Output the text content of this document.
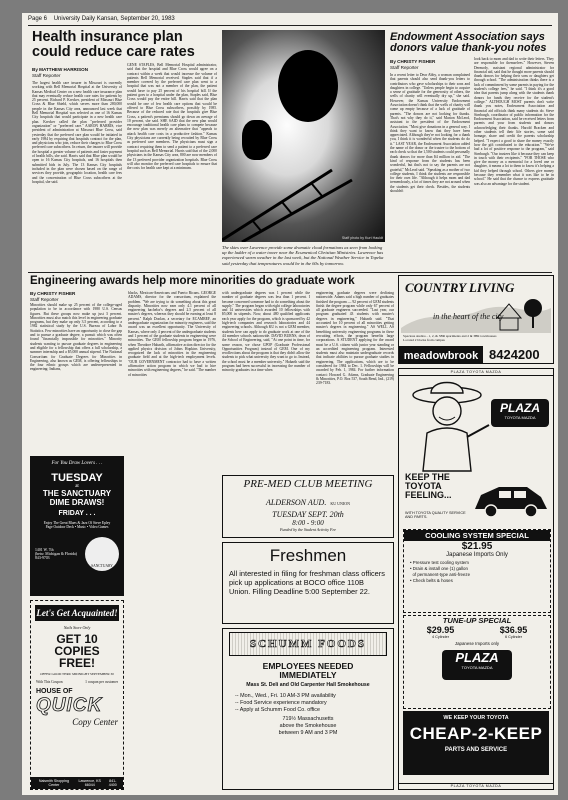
Page 6 University Daily Kansan, September 20, 1983
Health insurance plan could reduce care rates
By MATTHEW HARRISON
Staff Reporter
The largest health care insurer in Missouri is currently working with Bell Memorial Hospital at the University of Kansas Medical Center on a new health care insurance plan that may eventually reduce health care rates for patients by 25 percent. Richard P. Krecker, president of Missouri Blue Cross & Blue Shield, which serves more than 280,000 people in the Kansas City area, announced last week that Bell Memorial Hospital was selected as one of 16 Kansas City hospitals that would participate in a new health care plan. Krecker called the plan "preferred provider organization" or "preferred care." AARON HARRIS, vice president of administration at Missouri Blue Cross, said yesterday that the preferred care plan would be initiated in early 1984 by requiring that hospitals contract for the plan, and physicians who join, reduce their charges to Blue Cross preferred care subscribers. In return, the insurer will provide the hospital a greater volume of patients and faster payment of health bills, she said. Harris said that Blue plan would be open to 16 Kansas City hospitals, and 16 hospitals then submitted bids in July. The 13 Kansas City hospitals included in the plan were chosen based on the range of services they provide, geographic location, health care fees and the concentration of Blue Cross subscribers at the hospital, she said.
GENE STAPLES, Bell Memorial Hospital administrator, said that the hospital and Blue Cross would agree on a contract within a week that would increase the volume of patients Bell Memorial received. Staples said that if a member covered by the preferred care plan went to a hospital that was not a member of the plan, the patient would have to pay 25 percent of his hospital bill. If the patient goes to a hospital under the plan, Staples said, Blue Cross would pay the entire bill. Harris said that the plan would be one of few health care options that would be offered to Blue Cross subscribers, possibly by 1985. Because of the reduced rate that the hospitals give Blue Cross, a patient's premiums should go down an average of 10 percent, she said. SHE SAID that the new plan would encourage traditional health care plans to compete because the new plan was merely an alternative that "appeals to attack health care costs in a productive fashion." Kansas City physicians are currently being recruited by Blue Cross as preferred care members. The physicians must sign a contract requiring them to send a patient to a preferred care hospital such as Bell Memorial. Harris said that of the 2,000 physicians in the Kansas City area, 800 are now members of the 13 preferred provider organization hospitals. Blue Cross will also monitor the preferred care hospitals to ensure that the costs for health care kept at a minimum.
Staff photo by Kurt Hauldt
The skies over Lawrence provide some dramatic cloud formations as seen from looking up the ladder of a water tower near the Ecumenical Christian Ministries. Lawrence has experienced warm weather in the last week, but the National Weather Service in Topeka said yesterday that temperatures would be in the 60s by tomorrow.
Endowment Association says donors value thank-you notes
By CHRISTY FISHER
Staff Reporter
In a recent letter to Dear Abby, a woman complained that parents should also send thank-you letters to contributors who gave scholarships to their sons and daughters in college. "Unless people begin to acquire a sense of gratitude for the generosity of others, the wells of charity will eventually dry up," she said. However, the Kansas University Endowment Association doesn't think that the wells of charity will come up empty because of a lack of gratitude of parents. "The donors are not looking for thanks. That's not why they do it," said Marion McLeod, assistant to the president of the Endowment Association. "Most give donations in a general way. I think they want to know that they have been appreciated. Although they're not looking for a thank you, I think it is wonderful when the students do do it." LAST YEAR, the Endowment Association added the name of the donor or the trustee to the bottom of each check so that the 1,500 students could personally thank donors for more than $4 million in aid. "The kind of response from the students has been wonderful, but that's not to say the parents are not grateful," McLeod said. "Speaking as a mother of two college students, I think the students are responsible for their own life. "Although it helps mom and dad tremendously, a lot of times they are not around when the students get their check. Besides, the students shouldn't
look back to mom and dad to write their letters. They are responsible for themselves." However, Steven Dermody, assistant regional administrator for financial aid, said that he thought more parents should thank donors for helping their sons or daughters get through school. "The administration thinks there is a lack of commitment by some parents in paying for the student's college fees," he said. "I think it's a good idea that parents jump along with the students thank donors for funds they receive for the student's college." ALTHOUGH MOST parents don't write thank you notes, Endowment Association and financial aid officials think many students do. Steve Sirnburgh, coordinator of public information for the Endowment Association, said he received letters from parents and your from students and donors acknowledging their thanks. Harold Bracken and other students tell their life stories, some said homage, share and credit the parents scholarship helped. "I expect a good to share the money exactly how the gift contributed to the education." "We've had a lot of positive response to the program," said Sirnburgh. "Our trustees like it because they can keep in touch with their recipients." "FOR THOSE who give the money as a memorial for a loved one or daughter, it means a lot to them to know it's helping a kid they helped through school. Others give money because they remember what it was like to be in school." He said that the chance to express gratitude was also an advantage for the student.
Engineering awards help more minorities do graduate work
By CHRISTY FISHER
Staff Reporter
Minorities should make up 25 percent of the college-aged population to be in accordance with 1980 U.S. Census figures. But these groups now make up just 3 percent. Minorities must also match this level in engineering graduate programs, but they make up only 3.5 percent, according to a 1982 statistical study by the U.S. Bureau of Labor & Statistics. Few minorities have an opportunity to close the gap and to pursue a graduate degree, a pursuit which was often found "financially impossible for minorities." Minority students wanting to pursue graduate degrees in engineering and eligible for a fellowship that offers a full scholarship, a summer internship and a $5,000 annual stipend. The National Consortium for Graduate Degrees for Minorities in Engineering, also known as GEM, is offering fellowships to the four ethnic groups which are underrepresented in engineering: Indians,
blacks, Mexican-Americans and Puerto Ricans. GEORGE ADAMS, director for the consortium, explained the problem. "We are trying to do something about this great disparity. Minorities now earn only 4.1 percent of all engineering bachelor's degrees and 2.5 percent of all master's degrees, whereas they should be earning at least 8 percent." Ralph Doolan, a secretary for ECAMREF, an undergraduate organization for minority engineers, said the award was an excellent opportunity. The University of Kansas, where only 4 percent of the undergraduate students and 1 percent of the graduate students in engineering were minorities. The GEM fellowship program began in 1976, when Theodore Habarth, affirmative action director for the applied physics division of Johns Hopkins University, recognized the lack of minorities in the engineering graduate field and at the high-tech employment levels. "OUR GOVERNMENT contractor had to have a written affirmative action program in which we had to hire minorities with engineering degrees," he said. "The number of minorities
with undergraduate degrees was 1 percent while the number of graduate degrees was less than 1 percent. I became concerned someone had to do something about the supply." The program began with eight college laboratories and 14 universities which awarded 10 fellowships with $5,000 in stipends. Now, about 480 qualified applicants each year apply for the program, which is sponsored by 42 high-tech companies and research laboratories and 44 engineering schools. Although KU is not a GEM member, students here can apply to do graduate work at one of the 44 member schools nationwide. DAVID BURNS, dean of the School of Engineering, said, "At one point in time, for some reason, we chose GPOP (Graduate Professional Opportunities Program) instead of GEM. One of my recollections about the program is that they didn't allow the students to pick what university they want to go to. Instead, the school must be a member university." Habarth said the program had been successful in increasing the number of minority graduates in a time when
engineering graduate degrees were declining nationwide. Adams said a high number of graduates finished the program — 92 percent of GEM students finish the degree program while only 67 percent of all graduate engineers succeeded. "Last year, our program graduated 43 students with master's degrees in engineering," Habarth said. "That accounted for 10 percent of all minorities getting master's degrees in engineering." AS WELL AS benefiting university engineering programs in these recruiting efforts, the program benefits large corporations. A STUDENT applying for the award must be a U.S. citizen with junior year standing or an accredited engineering program. Interested students must also maintain undergraduate records that indicate abilities to pursue graduate studies in engineering. The applications, which are to be considered for 1984 to Dec. 1. Fellowships will be awarded by Feb. 1, 1984. For further information contact: Howard G. Adams, Graduate Engineering & Minorities, P.O. Box 537, South Bend, Ind., (219) 239-7183.
For You Draw Lovers . . .
TUESDAY
at
THE SANCTUARY
DIME DRAWS!
FRIDAY . . .
Enjoy The Great Blues & Jazz Of Steve Epley
Page Outdoor Deck • Music • Video Games
1401 W. 7th
(betw. Michigan & Florida)
843-9703
SANCTUARY
Let's Get Acquainted!
Nails Store Only
GET 10 COPIES FREE!
OFFER GOOD THRU MIDNIGHT SEPTEMBER 30
With This Coupon	1 coupon per customer
HOUSE OF
QUICK
Copy Center
Naismith Shopping Center
Lawrence, KS 66044
841-4400
PRE-MED CLUB MEETING
ALDERSON AUD. KU UNION
TUESDAY SEPT. 20th
8:00 - 9:00
Funded by the Student Activity Fee
Freshmen
All interested in filing for freshman class officers pick up applications at BOCO office 110B Union. Filling Deadline 5:00 September 22.
SCHUMM FOODS
EMPLOYEES NEEDED IMMEDIATELY
Mass St. Deli and Old Carpenter Hall Smokehouse
-- Mon., Wed., Fri. 10 AM-3 PM availability
-- Food Service experience mandatory
-- Apply at Schumm Food Co. office
719½ Massachusetts
above the Smokehouse
between 9 AM and 3 PM
COUNTRY LIVING
in the heart of the city
Spacious studios - 1, 2, & 3BR apartments and 2 & 3BR townhouses
Located 2 blocks from campus
meadowbrook 8424200
PLAZA TOYOTA MAZDA
PLAZA
TOYOTA MAZDA
KEEP THE TOYOTA FEELING...
WITH TOYOTA QUALITY SERVICE AND PARTS.
COOLING SYSTEM SPECIAL
$21.95
Japanese Imports Only
• Pressure test cooling system
• Drain & install one (1) gallon
of permanent-type anti-freeze
• Check belts & hoses
TUNE-UP SPECIAL
$29.95
4 Cylinder
$36.95
6 Cylinder
Japanese Imports only
PLAZA
TOYOTA MAZDA
WE KEEP YOUR TOYOTA
CHEAP-2-KEEP
PARTS AND SERVICE
PLAZA TOYOTA MAZDA
